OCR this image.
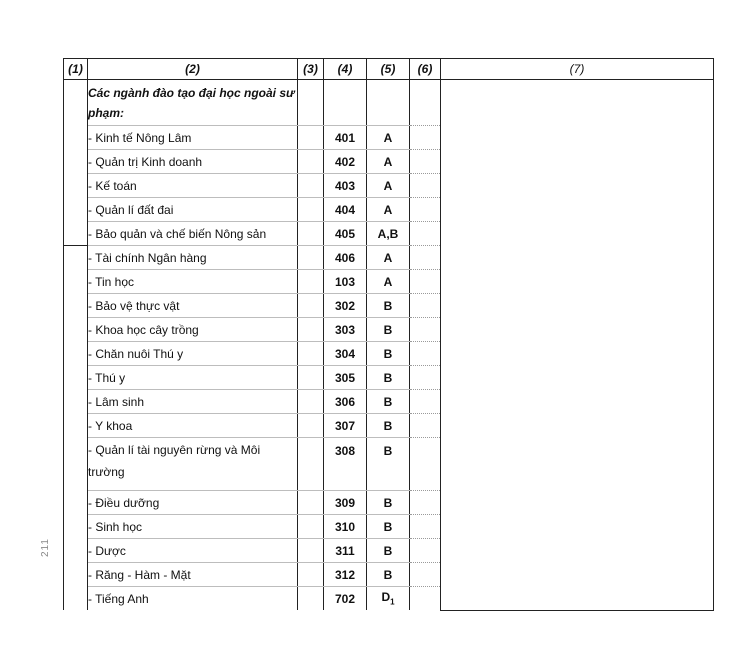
211
(1)	(2)	(3)	(4)	(5)	(6)	(7)
	Các ngành đào tạo đại học ngoài sư phạm:					
	- Kinh tế Nông Lâm		401	A		
	- Quản trị Kinh doanh		402	A		
	- Kế toán		403	A		
	- Quản lí đất đai		404	A		
	- Bảo quản và chế biến Nông sản		405	A,B		
	- Tài chính Ngân hàng		406	A		
	- Tin học		103	A		
	- Bảo vệ thực vật		302	B		
	- Khoa học cây trồng		303	B		
	- Chăn nuôi Thú y		304	B		
	- Thú y		305	B		
	- Lâm sinh		306	B		
	- Y khoa		307	B		
	- Quản lí tài nguyên rừng và Môi trường		308	B		
	- Điều dưỡng		309	B		
	- Sinh học		310	B		
	- Dược		311	B		
	- Răng - Hàm - Mặt		312	B		
	- Tiếng Anh		702	$D_1$	
